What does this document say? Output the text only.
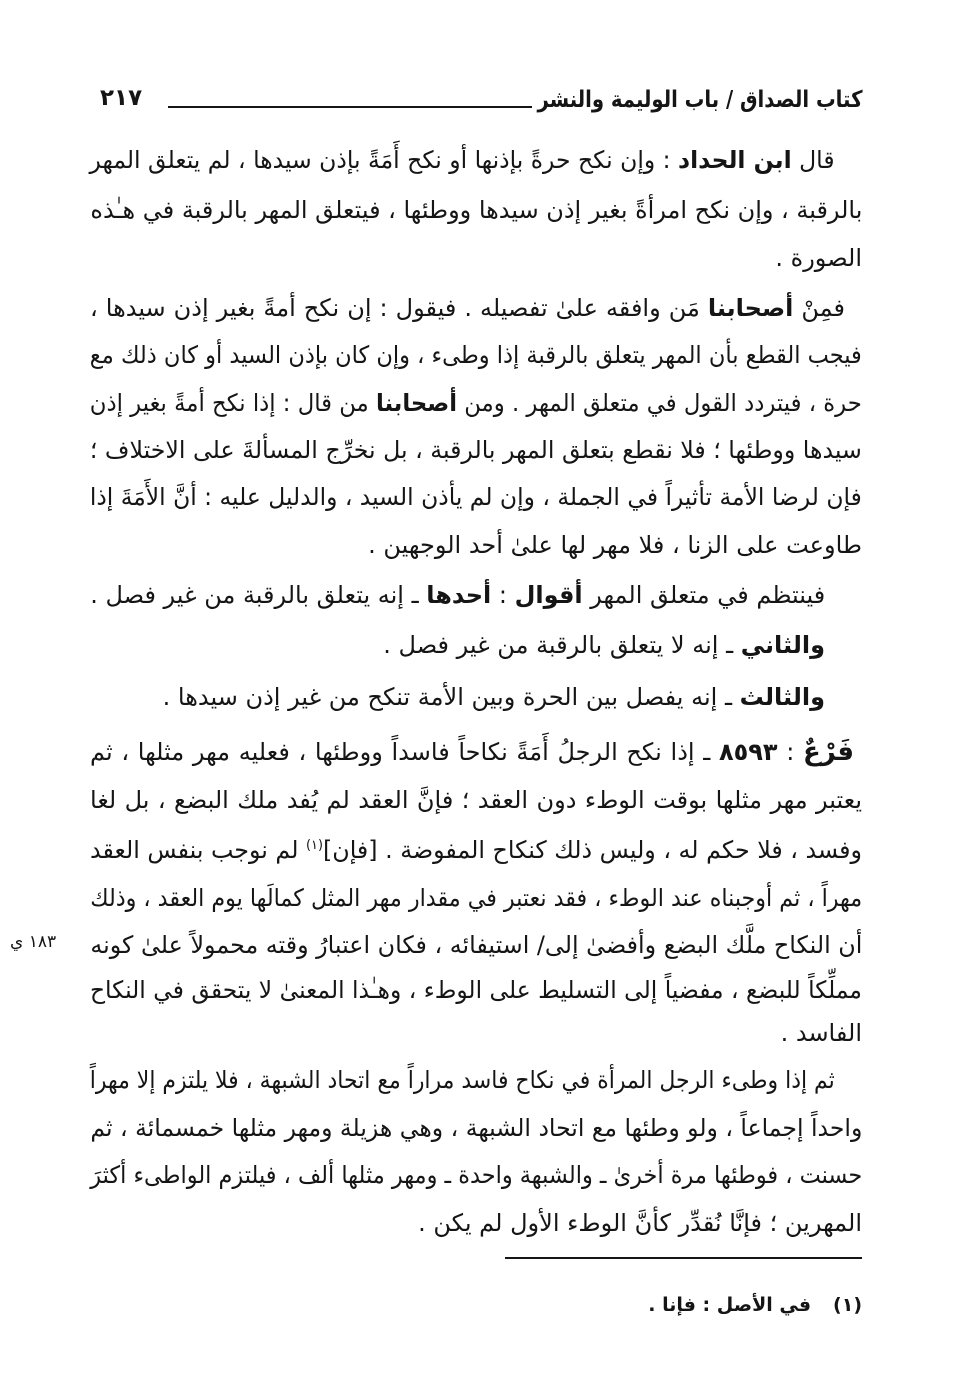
كتاب الصداق / باب الوليمة والنشر
٢١٧
قال ابن الحداد : وإن نكح حرةً بإذنها أو نكح أَمَةً بإذن سيدها ، لم يتعلق المهر
بالرقبة ، وإن نكح امرأةً بغير إذن سيدها ووطئها ، فيتعلق المهر بالرقبة في هـٰذه
الصورة .
فمِنْ أصحابنا مَن وافقه علىٰ تفصيله . فيقول : إن نكح أمةً بغير إذن سيدها ،
فيجب القطع بأن المهر يتعلق بالرقبة إذا وطىء ، وإن كان بإذن السيد أو كان ذلك مع
حرة ، فيتردد القول في متعلق المهر . ومن أصحابنا من قال : إذا نكح أمةً بغير إذن
سيدها ووطئها ؛ فلا نقطع بتعلق المهر بالرقبة ، بل نخرِّج المسألةَ على الاختلاف ؛
فإن لرضا الأمة تأثيراً في الجملة ، وإن لم يأذن السيد ، والدليل عليه : أنَّ الأَمَةَ إذا
طاوعت على الزنا ، فلا مهر لها علىٰ أحد الوجهين .
فينتظم في متعلق المهر أقوال : أحدها ـ إنه يتعلق بالرقبة من غير فصل .
والثاني ـ إنه لا يتعلق بالرقبة من غير فصل .
والثالث ـ إنه يفصل بين الحرة وبين الأمة تنكح من غير إذن سيدها .
فَرْعٌ : ٨٥٩٣ ـ إذا نكح الرجلُ أَمَةً نكاحاً فاسداً ووطئها ، فعليه مهر مثلها ، ثم
يعتبر مهر مثلها بوقت الوطء دون العقد ؛ فإنَّ العقد لم يُفد ملك البضع ، بل لغا
وفسد ، فلا حكم له ، وليس ذلك كنكاح المفوضة . [فإن]$^{(١)}$ لم نوجب بنفس العقد
مهراً ، ثم أوجبناه عند الوطء ، فقد نعتبر في مقدار مهر المثل كمالَها يوم العقد ، وذلك
أن النكاح ملَّك البضع وأفضىٰ إلى/ استيفائه ، فكان اعتبارُ وقته محمولاً علىٰ كونه
مملِّكاً للبضع ، مفضياً إلى التسليط على الوطء ، وهـٰذا المعنىٰ لا يتحقق في النكاح
الفاسد .
ثم إذا وطىء الرجل المرأة في نكاح فاسد مراراً مع اتحاد الشبهة ، فلا يلتزم إلا مهراً
واحداً إجماعاً ، ولو وطئها مع اتحاد الشبهة ، وهي هزيلة ومهر مثلها خمسمائة ، ثم
حسنت ، فوطئها مرة أخرىٰ ـ والشبهة واحدة ـ ومهر مثلها ألف ، فيلتزم الواطىء أكثرَ
المهرين ؛ فإنَّا نُقدِّر كأنَّ الوطء الأول لم يكن .
١٨٣ ي
(١)في الأصل : فإنا .
